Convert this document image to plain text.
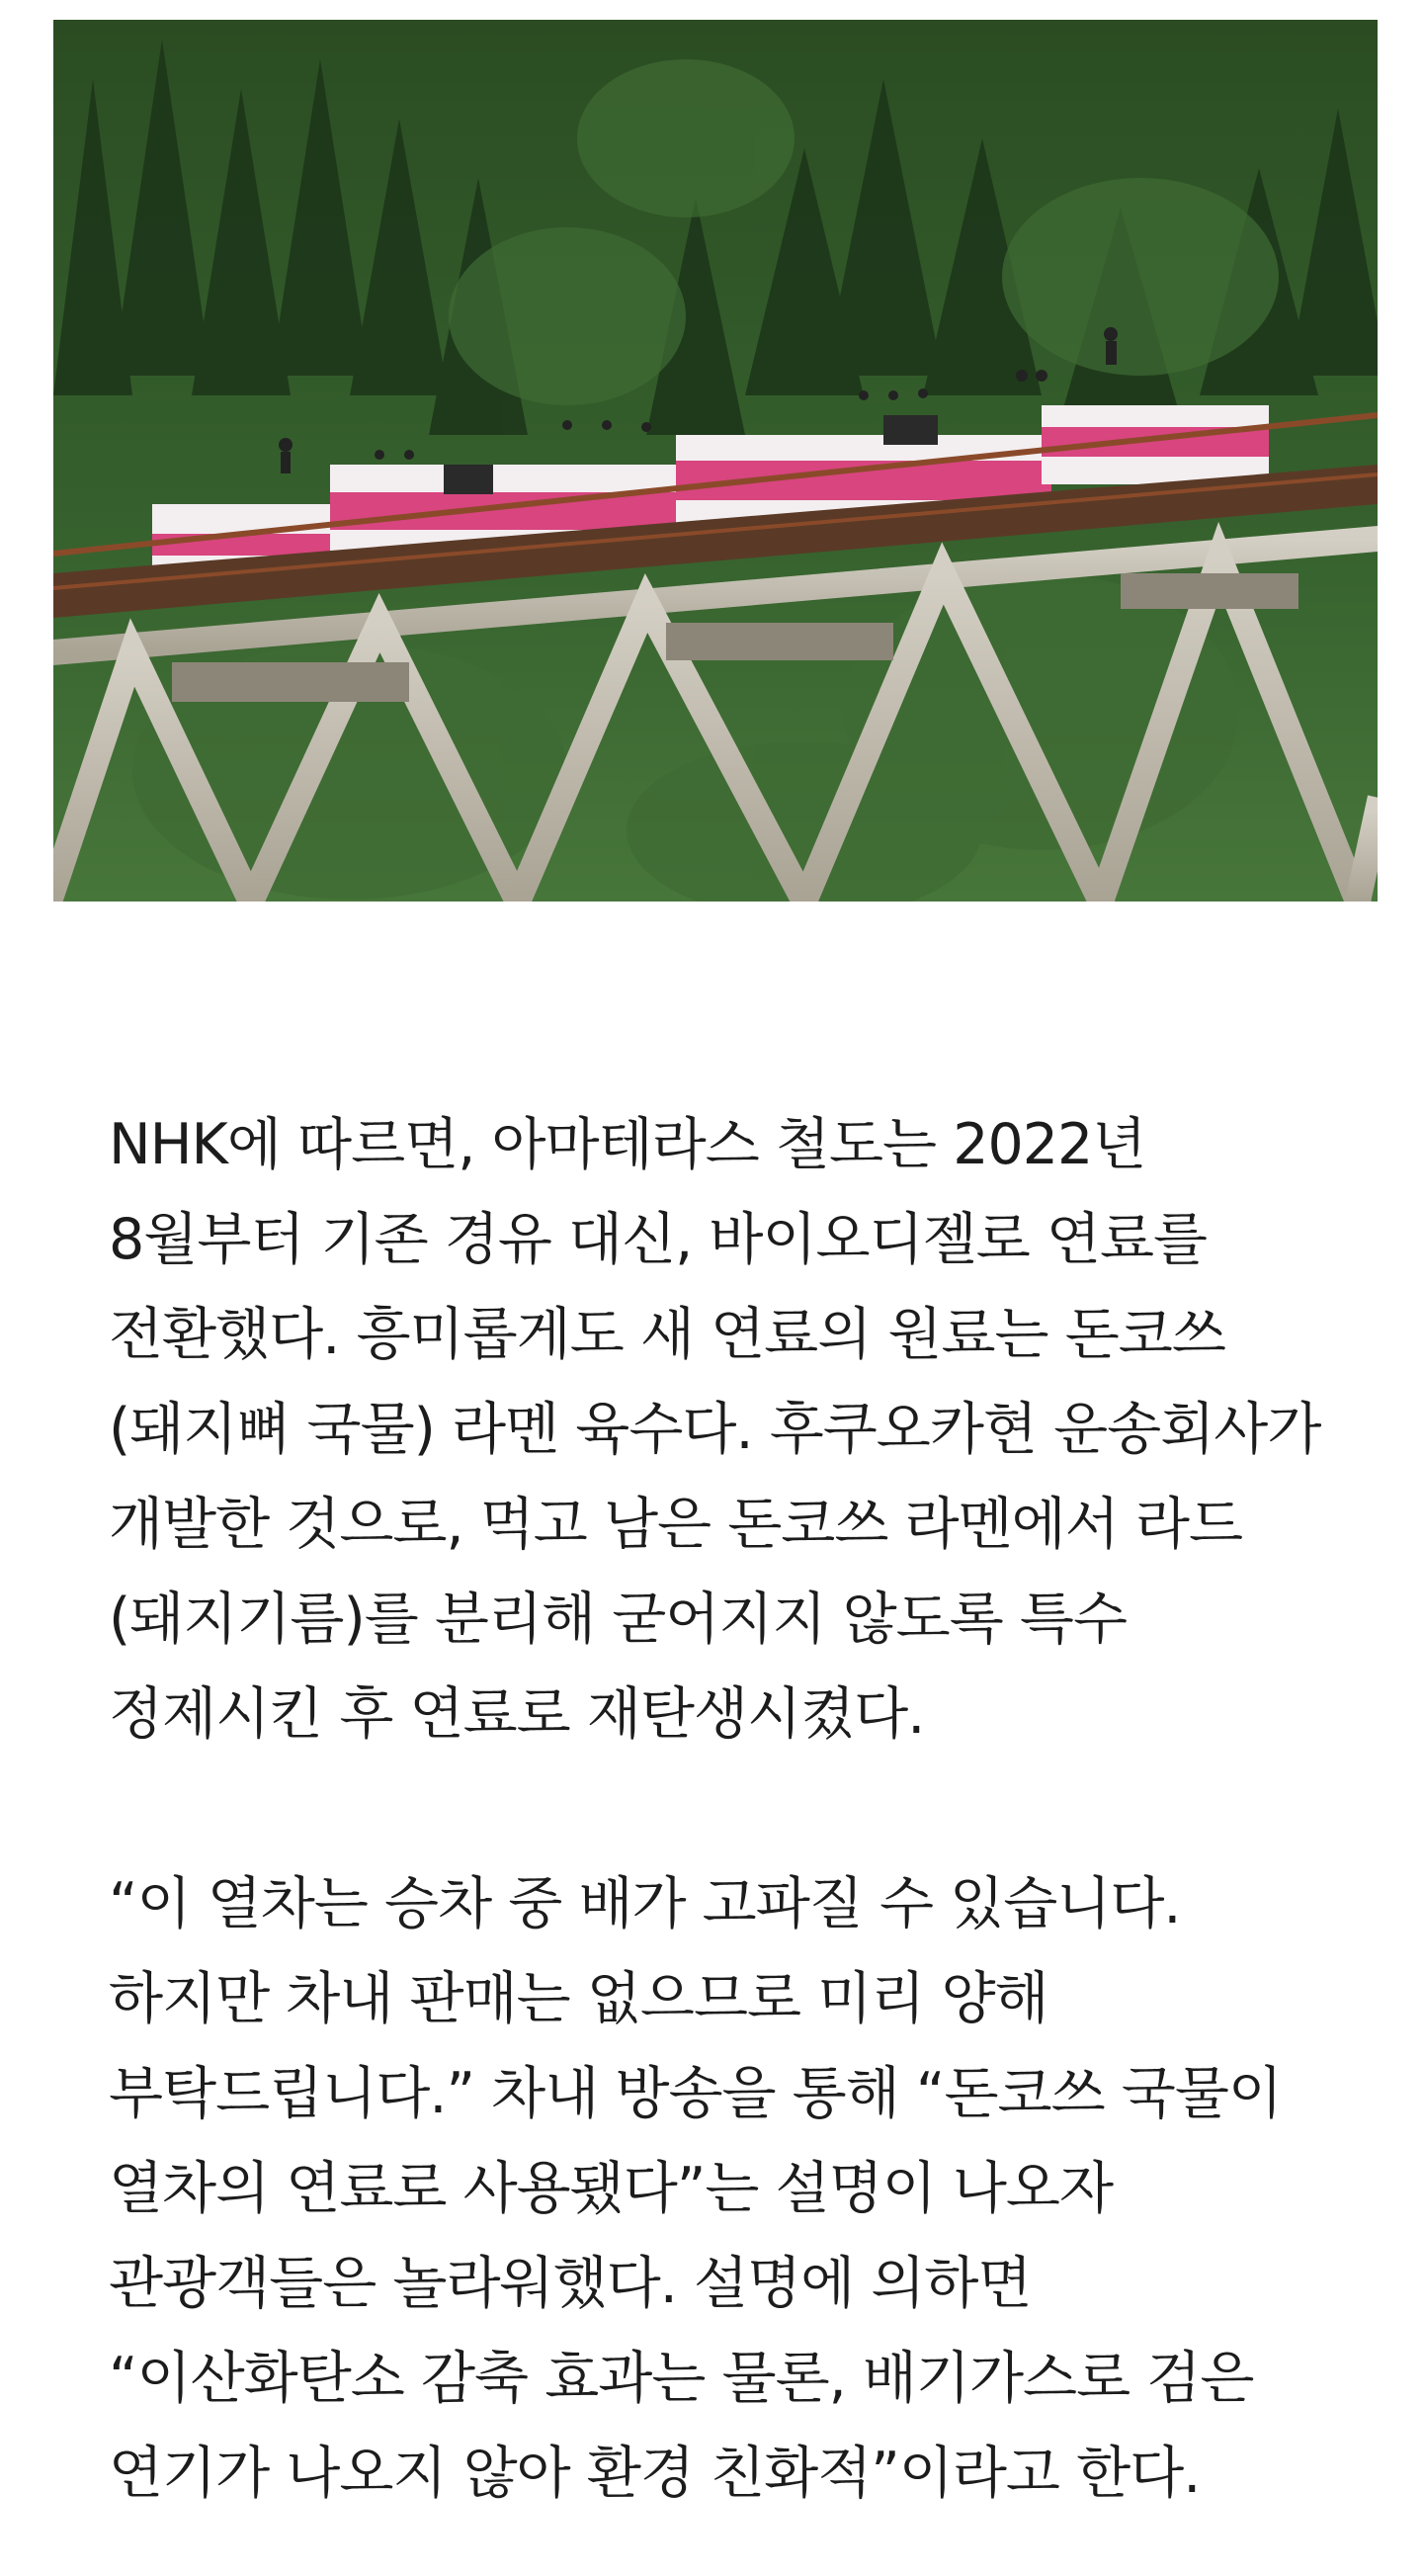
NHK에 따르면, 아마테라스 철도는 2022년 8월부터 기존 경유 대신, 바이오디젤로 연료를 전환했다. 흥미롭게도 새 연료의 원료는 돈코쓰(돼지뼈 국물) 라멘 육수다. 후쿠오카현 운송회사가 개발한 것으로, 먹고 남은 돈코쓰 라멘에서 라드(돼지기름)를 분리해 굳어지지 않도록 특수 정제시킨 후 연료로 재탄생시켰다.

“이 열차는 승차 중 배가 고파질 수 있습니다. 하지만 차내 판매는 없으므로 미리 양해 부탁드립니다.” 차내 방송을 통해 “돈코쓰 국물이 열차의 연료로 사용됐다”는 설명이 나오자 관광객들은 놀라워했다. 설명에 의하면 “이산화탄소 감축 효과는 물론, 배기가스로 검은 연기가 나오지 않아 환경 친화적”이라고 한다.
